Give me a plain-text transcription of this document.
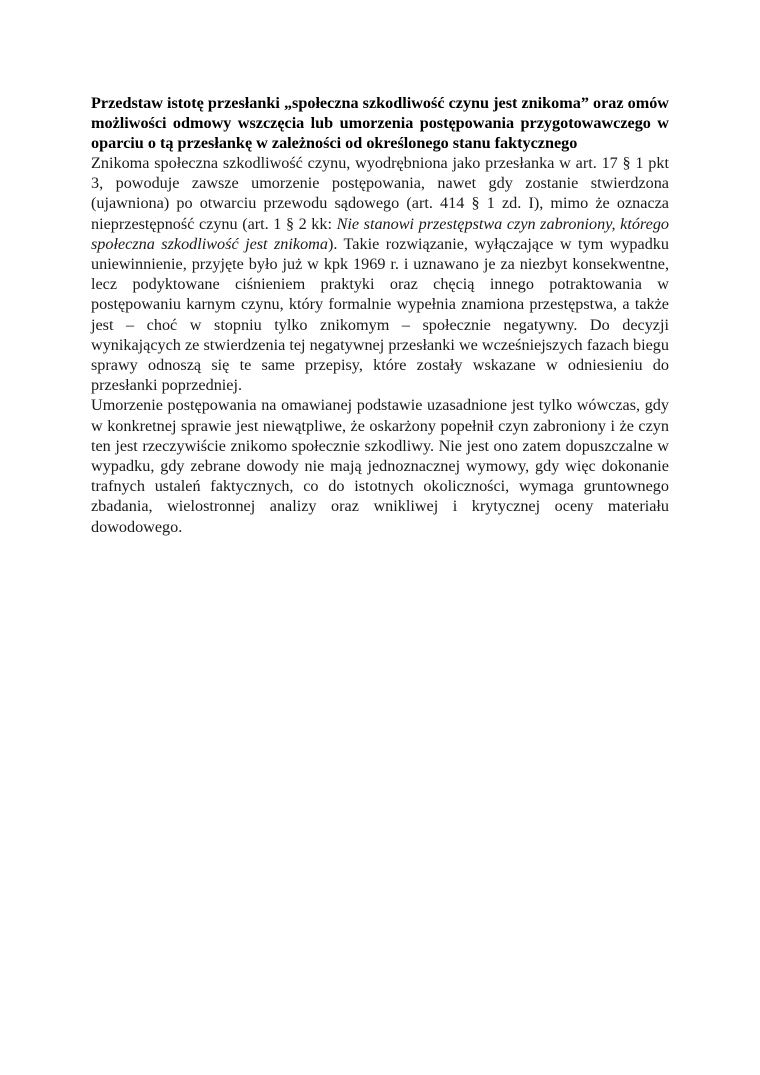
Przedstaw istotę przesłanki „społeczna szkodliwość czynu jest znikoma” oraz omów możliwości odmowy wszczęcia lub umorzenia postępowania przygotowawczego w oparciu o tą przesłankę w zależności od określonego stanu faktycznego

Znikoma społeczna szkodliwość czynu, wyodrębniona jako przesłanka w art. 17 § 1 pkt 3, powoduje zawsze umorzenie postępowania, nawet gdy zostanie stwierdzona (ujawniona) po otwarciu przewodu sądowego (art. 414 § 1 zd. I), mimo że oznacza nieprzestępność czynu (art. 1 § 2 kk: Nie stanowi przestępstwa czyn zabroniony, którego społeczna szkodliwość jest znikoma). Takie rozwiązanie, wyłączające w tym wypadku uniewinnienie, przyjęte było już w kpk 1969 r. i uznawano je za niezbyt konsekwentne, lecz podyktowane ciśnieniem praktyki oraz chęcią innego potraktowania w postępowaniu karnym czynu, który formalnie wypełnia znamiona przestępstwa, a także jest – choć w stopniu tylko znikomym – społecznie negatywny. Do decyzji wynikających ze stwierdzenia tej negatywnej przesłanki we wcześniejszych fazach biegu sprawy odnoszą się te same przepisy, które zostały wskazane w odniesieniu do przesłanki poprzedniej.

Umorzenie postępowania na omawianej podstawie uzasadnione jest tylko wówczas, gdy w konkretnej sprawie jest niewątpliwe, że oskarżony popełnił czyn zabroniony i że czyn ten jest rzeczywiście znikomo społecznie szkodliwy. Nie jest ono zatem dopuszczalne w wypadku, gdy zebrane dowody nie mają jednoznacznej wymowy, gdy więc dokonanie trafnych ustaleń faktycznych, co do istotnych okoliczności, wymaga gruntownego zbadania, wielostronnej analizy oraz wnikliwej i krytycznej oceny materiału dowodowego.
